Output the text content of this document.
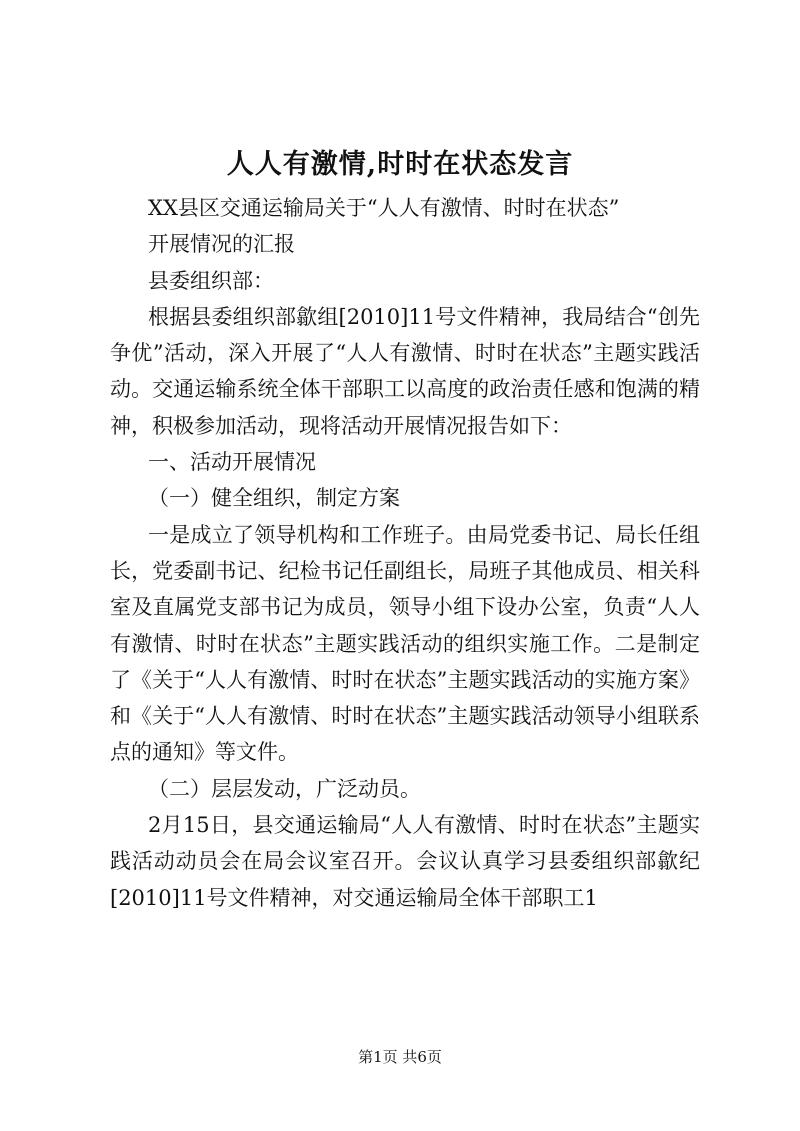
人人有激情,时时在状态发言

XX县区交通运输局关于“人人有激情、时时在状态”

开展情况的汇报

县委组织部：

根据县委组织部歙组[2010]11号文件精神，我局结合“创先争优”活动，深入开展了“人人有激情、时时在状态”主题实践活动。交通运输系统全体干部职工以高度的政治责任感和饱满的精神，积极参加活动，现将活动开展情况报告如下：

一、活动开展情况

（一）健全组织，制定方案

一是成立了领导机构和工作班子。由局党委书记、局长任组长，党委副书记、纪检书记任副组长，局班子其他成员、相关科室及直属党支部书记为成员，领导小组下设办公室，负责“人人有激情、时时在状态”主题实践活动的组织实施工作。二是制定了《关于“人人有激情、时时在状态”主题实践活动的实施方案》和《关于“人人有激情、时时在状态”主题实践活动领导小组联系点的通知》等文件。

（二）层层发动，广泛动员。

2月15日，县交通运输局“人人有激情、时时在状态”主题实践活动动员会在局会议室召开。会议认真学习县委组织部歙纪[2010]11号文件精神，对交通运输局全体干部职工1

第1页 共6页
